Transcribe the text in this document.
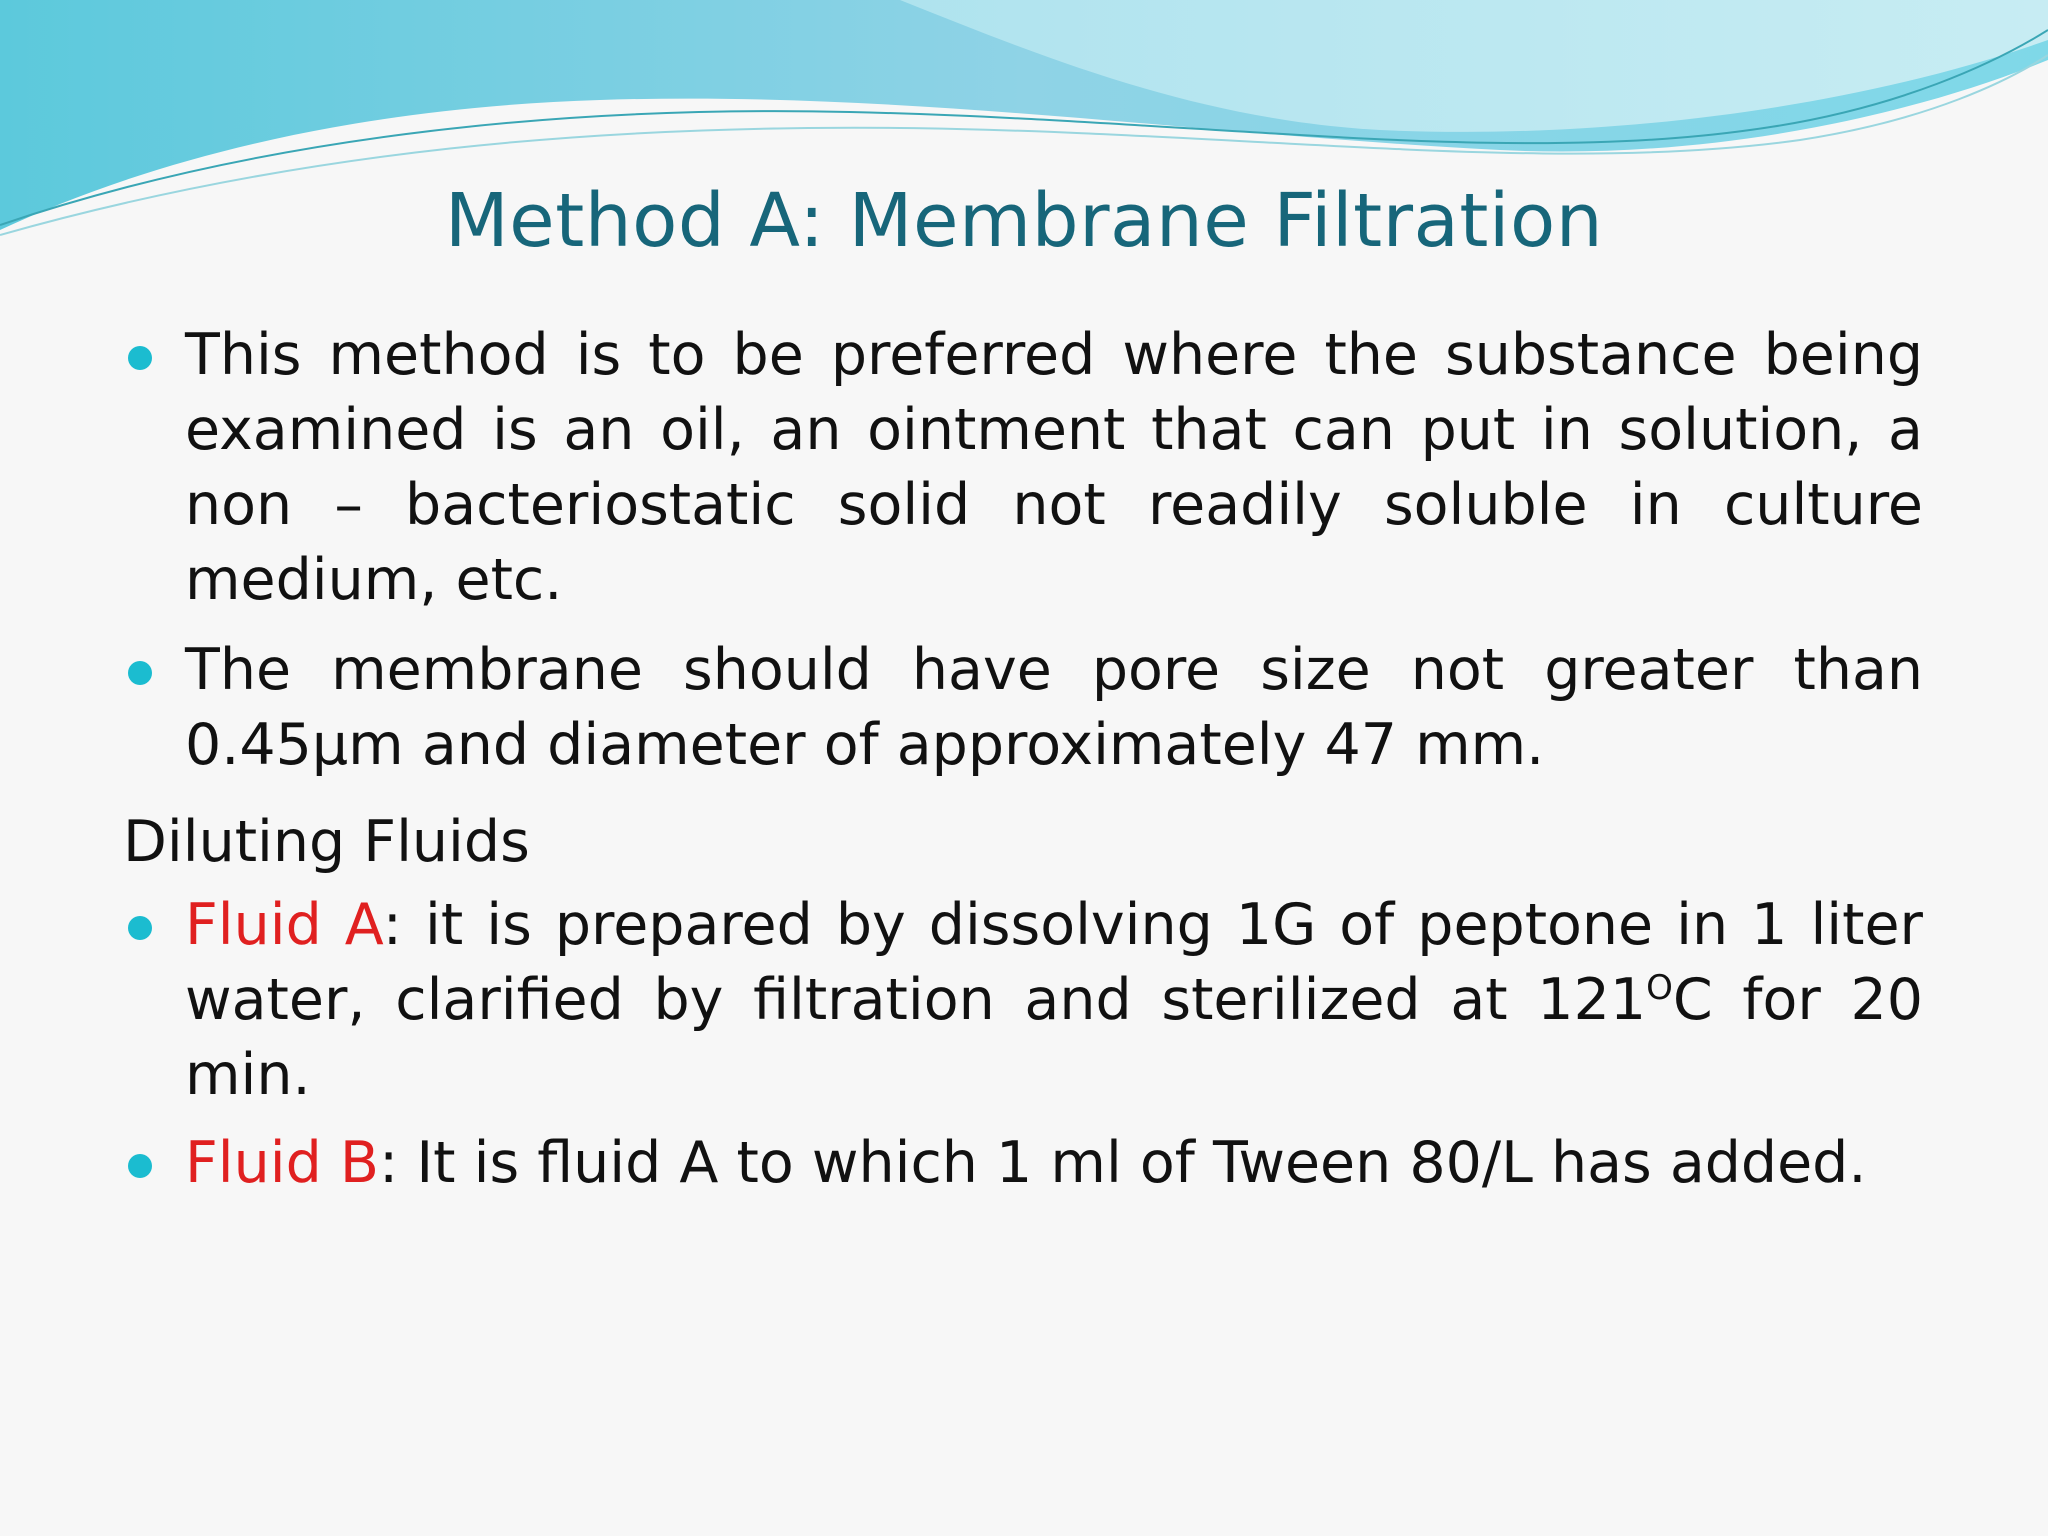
Method A: Membrane Filtration
This method is to be preferred where the substance being examined is an oil, an ointment that can put in solution, a non – bacteriostatic solid not readily soluble in culture medium, etc.
The membrane should have pore size not greater than 0.45µm and diameter of approximately 47 mm.
Diluting Fluids
Fluid A: it is prepared by dissolving 1G of peptone in 1 liter water, clarified by filtration and sterilized at $121^OC$ for 20 min.
Fluid B: It is fluid A to which 1 ml of Tween 80/L has added.
